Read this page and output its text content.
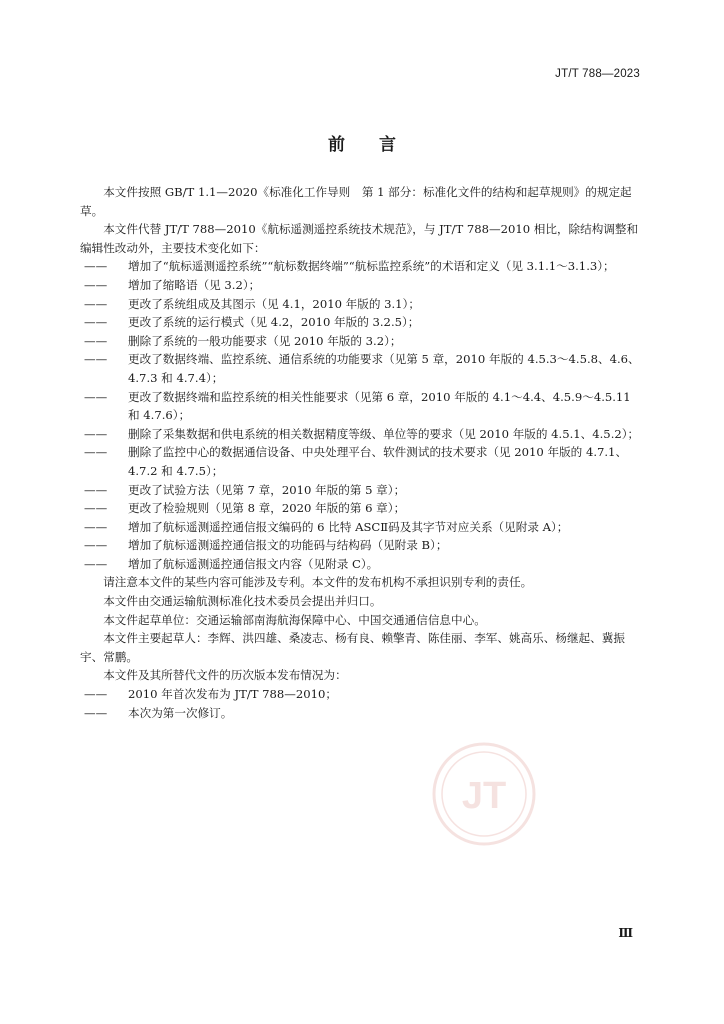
JT/T 788—2023
前言

本文件按照 GB/T 1.1—2020《标准化工作导则　第 1 部分：标准化文件的结构和起草规则》的规定起草。

本文件代替 JT/T 788—2010《航标遥测遥控系统技术规范》，与 JT/T 788—2010 相比，除结构调整和编辑性改动外，主要技术变化如下：

—— 增加了“航标遥测遥控系统”“航标数据终端”“航标监控系统”的术语和定义（见 3.1.1～3.1.3）；

—— 增加了缩略语（见 3.2）；

—— 更改了系统组成及其图示（见 4.1，2010 年版的 3.1）；

—— 更改了系统的运行模式（见 4.2，2010 年版的 3.2.5）；

—— 删除了系统的一般功能要求（见 2010 年版的 3.2）；

—— 更改了数据终端、监控系统、通信系统的功能要求（见第 5 章，2010 年版的 4.5.3～4.5.8、4.6、4.7.3 和 4.7.4）；

—— 更改了数据终端和监控系统的相关性能要求（见第 6 章，2010 年版的 4.1～4.4、4.5.9～4.5.11 和 4.7.6）；

—— 删除了采集数据和供电系统的相关数据精度等级、单位等的要求（见 2010 年版的 4.5.1、4.5.2）；

—— 删除了监控中心的数据通信设备、中央处理平台、软件测试的技术要求（见 2010 年版的 4.7.1、4.7.2 和 4.7.5）；

—— 更改了试验方法（见第 7 章，2010 年版的第 5 章）；

—— 更改了检验规则（见第 8 章，2020 年版的第 6 章）；

—— 增加了航标遥测遥控通信报文编码的 6 比特 ASCⅡ码及其字节对应关系（见附录 A）；

—— 增加了航标遥测遥控通信报文的功能码与结构码（见附录 B）；

—— 增加了航标遥测遥控通信报文内容（见附录 C）。

请注意本文件的某些内容可能涉及专利。本文件的发布机构不承担识别专利的责任。

本文件由交通运输航测标准化技术委员会提出并归口。

本文件起草单位：交通运输部南海航海保障中心、中国交通通信信息中心。

本文件主要起草人：李辉、洪四雄、桑凌志、杨有良、赖擎青、陈佳丽、李军、姚高乐、杨继起、冀振宇、常鹏。

本文件及其所替代文件的历次版本发布情况为：

—— 2010 年首次发布为 JT/T 788—2010；

—— 本次为第一次修订。

JT
Ⅲ
